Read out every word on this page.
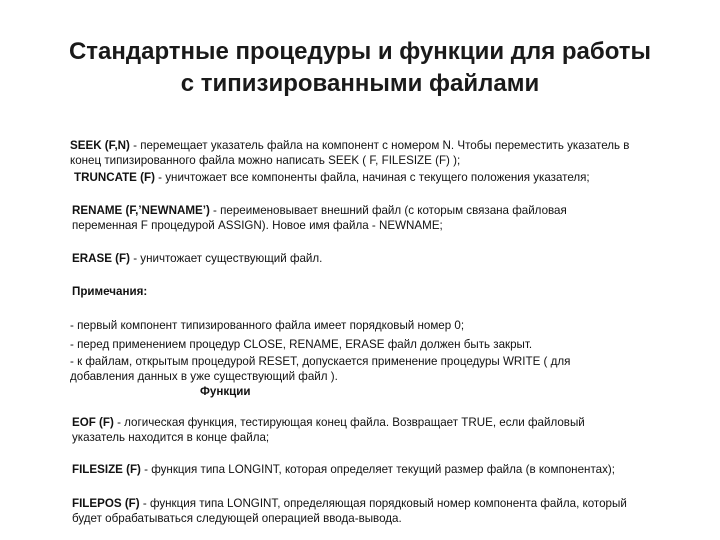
Стандартные процедуры и функции для работы
с типизированными файлами
SEEK (F,N) - перемещает указатель файла на компонент с номером N. Чтобы переместить указатель в
конец типизированного файла можно написать SEEK ( F, FILESIZE (F) );
TRUNCATE (F) - уничтожает все компоненты файла, начиная с текущего положения указателя;
RENAME (F,’NEWNAME’) - переименовывает внешний файл (с которым связана файловая
переменная F процедурой ASSIGN). Новое имя файла - NEWNAME;
ERASE (F) - уничтожает существующий файл.
Примечания:
- первый компонент типизированного файла имеет порядковый номер 0;
- перед применением процедур CLOSE, RENAME, ERASE файл должен быть закрыт.
- к файлам, открытым процедурой RESET, допускается применение процедуры WRITE ( для
добавления данных в уже существующий файл ).
Функции
EOF (F) - логическая функция, тестирующая конец файла. Возвращает TRUE, если файловый
указатель находится в конце файла;
FILESIZE (F) - функция типа LONGINT, которая определяет текущий размер файла (в компонентах);
FILEPOS (F) - функция типа LONGINT, определяющая порядковый номер компонента файла, который
будет обрабатываться следующей операцией ввода-вывода.
